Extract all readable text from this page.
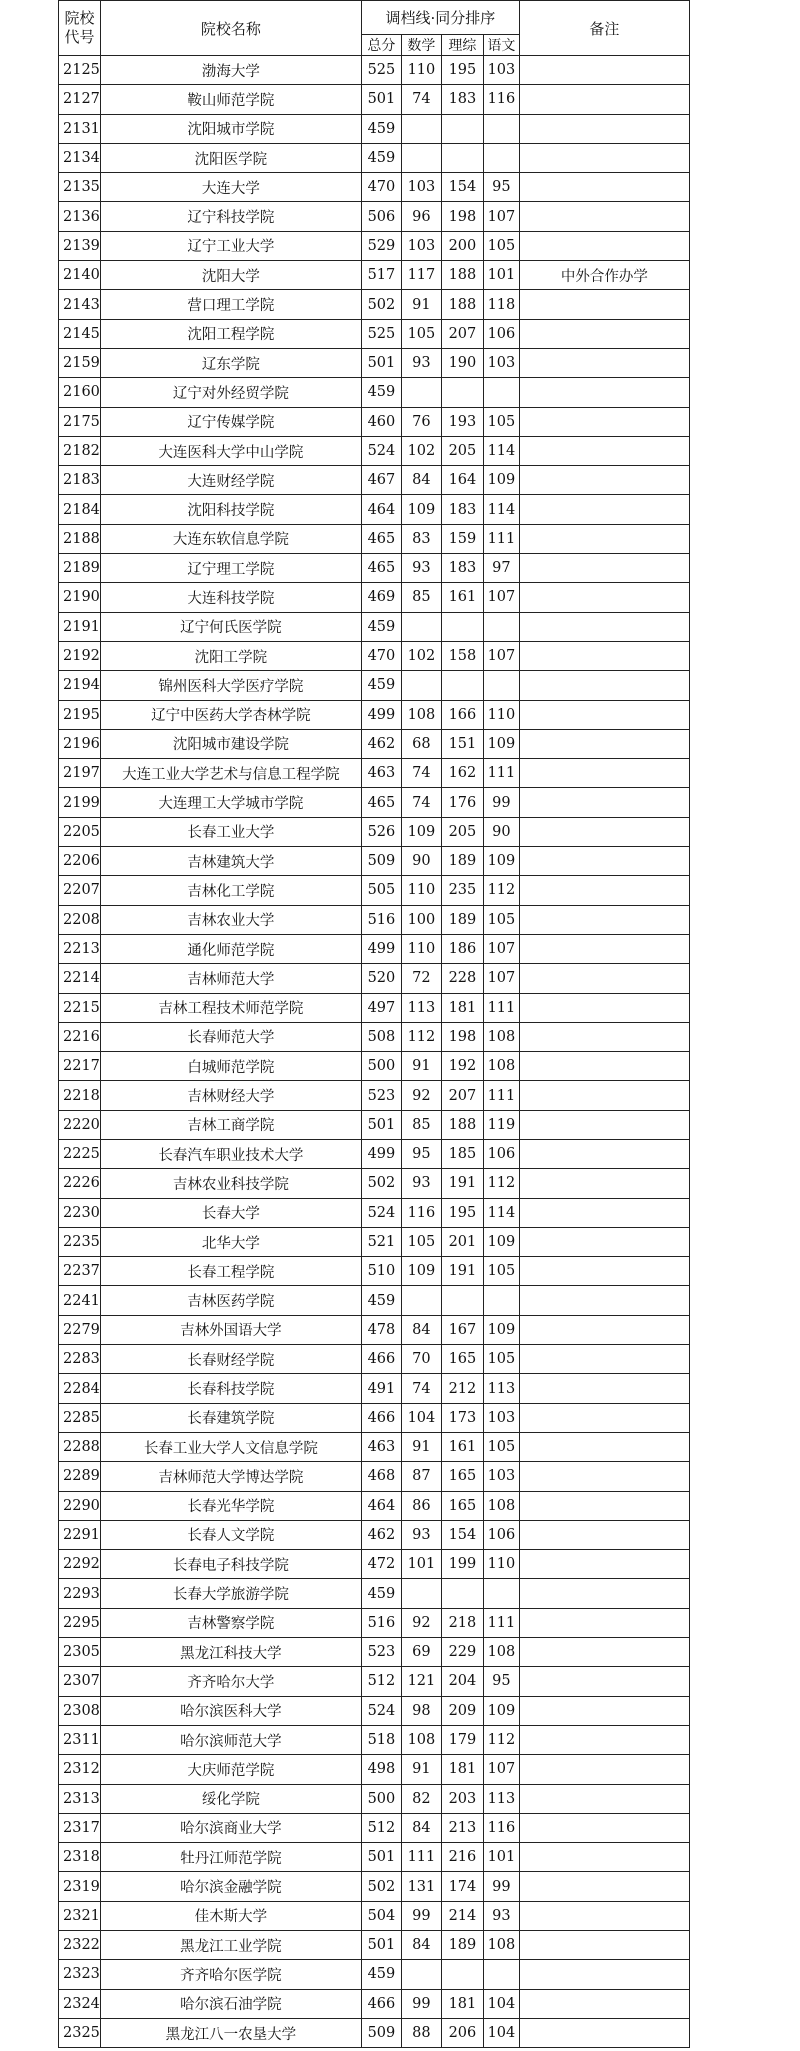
院校
代号	院校名称	调档线·同分排序				备注
		总分	数学	理综	语文	
2125	渤海大学	525	110	195	103	
2127	鞍山师范学院	501	74	183	116	
2131	沈阳城市学院	459				
2134	沈阳医学院	459				
2135	大连大学	470	103	154	95	
2136	辽宁科技学院	506	96	198	107	
2139	辽宁工业大学	529	103	200	105	
2140	沈阳大学	517	117	188	101	中外合作办学
2143	营口理工学院	502	91	188	118	
2145	沈阳工程学院	525	105	207	106	
2159	辽东学院	501	93	190	103	
2160	辽宁对外经贸学院	459				
2175	辽宁传媒学院	460	76	193	105	
2182	大连医科大学中山学院	524	102	205	114	
2183	大连财经学院	467	84	164	109	
2184	沈阳科技学院	464	109	183	114	
2188	大连东软信息学院	465	83	159	111	
2189	辽宁理工学院	465	93	183	97	
2190	大连科技学院	469	85	161	107	
2191	辽宁何氏医学院	459				
2192	沈阳工学院	470	102	158	107	
2194	锦州医科大学医疗学院	459				
2195	辽宁中医药大学杏林学院	499	108	166	110	
2196	沈阳城市建设学院	462	68	151	109	
2197	大连工业大学艺术与信息工程学院	463	74	162	111	
2199	大连理工大学城市学院	465	74	176	99	
2205	长春工业大学	526	109	205	90	
2206	吉林建筑大学	509	90	189	109	
2207	吉林化工学院	505	110	235	112	
2208	吉林农业大学	516	100	189	105	
2213	通化师范学院	499	110	186	107	
2214	吉林师范大学	520	72	228	107	
2215	吉林工程技术师范学院	497	113	181	111	
2216	长春师范大学	508	112	198	108	
2217	白城师范学院	500	91	192	108	
2218	吉林财经大学	523	92	207	111	
2220	吉林工商学院	501	85	188	119	
2225	长春汽车职业技术大学	499	95	185	106	
2226	吉林农业科技学院	502	93	191	112	
2230	长春大学	524	116	195	114	
2235	北华大学	521	105	201	109	
2237	长春工程学院	510	109	191	105	
2241	吉林医药学院	459				
2279	吉林外国语大学	478	84	167	109	
2283	长春财经学院	466	70	165	105	
2284	长春科技学院	491	74	212	113	
2285	长春建筑学院	466	104	173	103	
2288	长春工业大学人文信息学院	463	91	161	105	
2289	吉林师范大学博达学院	468	87	165	103	
2290	长春光华学院	464	86	165	108	
2291	长春人文学院	462	93	154	106	
2292	长春电子科技学院	472	101	199	110	
2293	长春大学旅游学院	459				
2295	吉林警察学院	516	92	218	111	
2305	黑龙江科技大学	523	69	229	108	
2307	齐齐哈尔大学	512	121	204	95	
2308	哈尔滨医科大学	524	98	209	109	
2311	哈尔滨师范大学	518	108	179	112	
2312	大庆师范学院	498	91	181	107	
2313	绥化学院	500	82	203	113	
2317	哈尔滨商业大学	512	84	213	116	
2318	牡丹江师范学院	501	111	216	101	
2319	哈尔滨金融学院	502	131	174	99	
2321	佳木斯大学	504	99	214	93	
2322	黑龙江工业学院	501	84	189	108	
2323	齐齐哈尔医学院	459				
2324	哈尔滨石油学院	466	99	181	104	
2325	黑龙江八一农垦大学	509	88	206	104	
